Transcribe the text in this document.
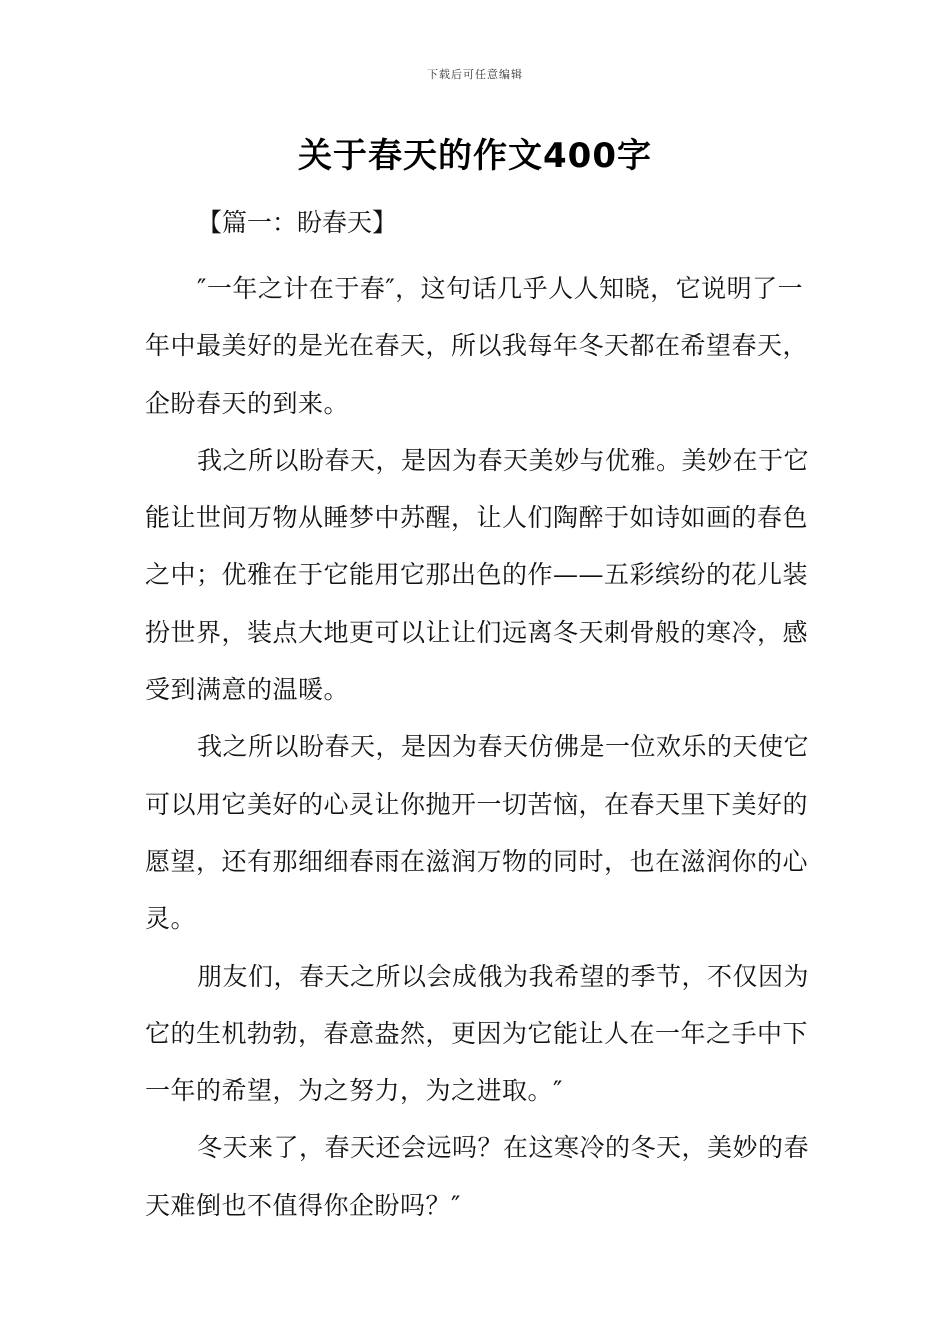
下载后可任意编辑
关于春天的作文400字
【篇一：盼春天】

″一年之计在于春″，这句话几乎人人知晓，它说明了一年中最美好的是光在春天，所以我每年冬天都在希望春天，企盼春天的到来。

我之所以盼春天，是因为春天美妙与优雅。美妙在于它能让世间万物从睡梦中苏醒，让人们陶醉于如诗如画的春色之中；优雅在于它能用它那出色的作——五彩缤纷的花儿装扮世界，装点大地更可以让让们远离冬天刺骨般的寒冷，感受到满意的温暖。

我之所以盼春天，是因为春天仿佛是一位欢乐的天使它可以用它美好的心灵让你抛开一切苦恼，在春天里下美好的愿望，还有那细细春雨在滋润万物的同时，也在滋润你的心灵。

朋友们，春天之所以会成俄为我希望的季节，不仅因为它的生机勃勃，春意盎然，更因为它能让人在一年之手中下一年的希望，为之努力，为之进取。″

冬天来了，春天还会远吗？在这寒冷的冬天，美妙的春天难倒也不值得你企盼吗？″
